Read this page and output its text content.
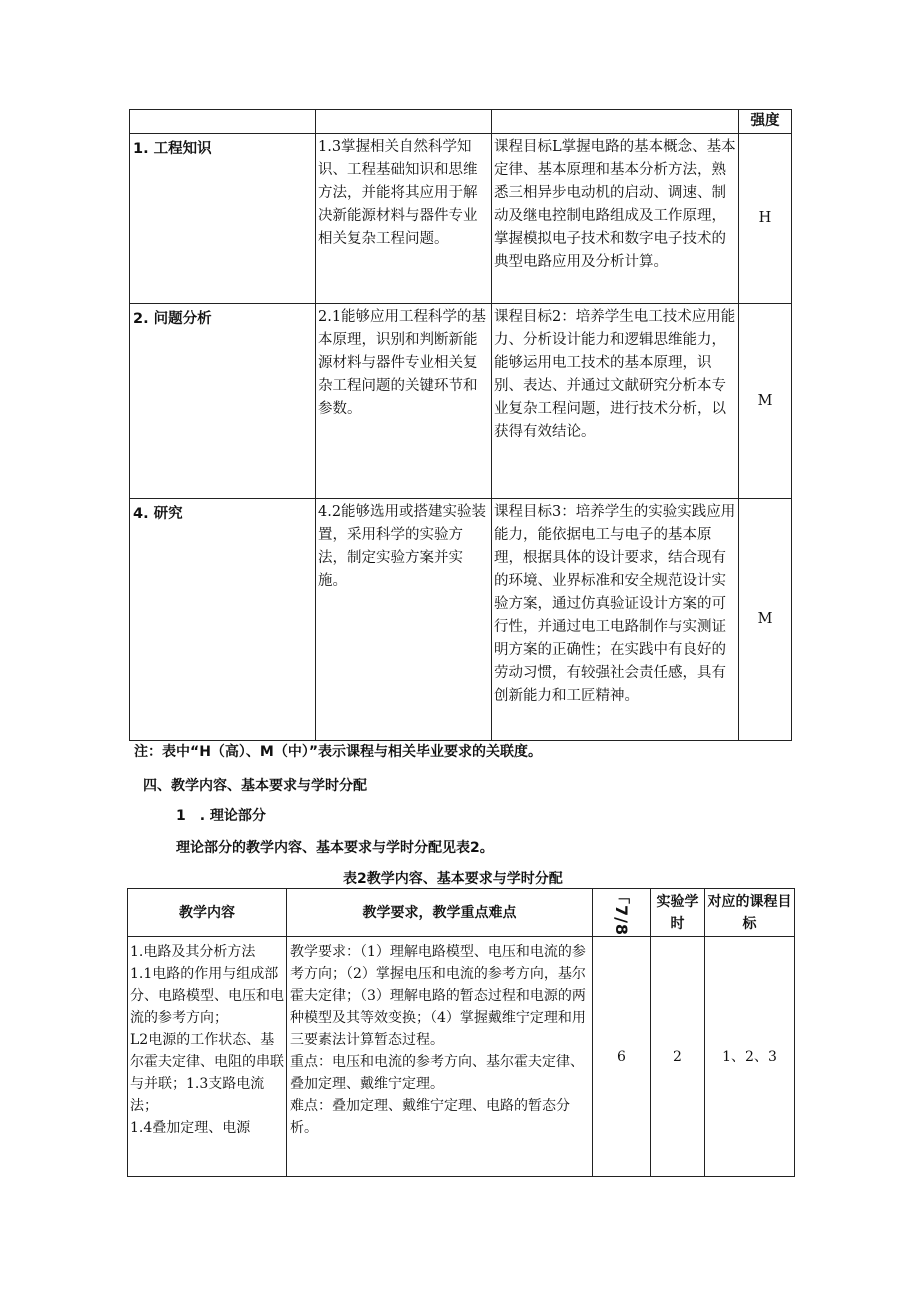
			强度
1. 工程知识	1.3掌握相关自然科学知识、工程基础知识和思维方法，并能将其应用于解决新能源材料与器件专业相关复杂工程问题。	课程目标L掌握电路的基本概念、基本定律、基本原理和基本分析方法，熟悉三相异步电动机的启动、调速、制动及继电控制电路组成及工作原理，掌握模拟电子技术和数字电子技术的典型电路应用及分析计算。	H
2. 问题分析	2.1能够应用工程科学的基本原理，识别和判断新能源材料与器件专业相关复杂工程问题的关键环节和参数。	课程目标2：培养学生电工技术应用能力、分析设计能力和逻辑思维能力，能够运用电工技术的基本原理，识别、表达、并通过文献研究分析本专业复杂工程问题，进行技术分析，以获得有效结论。	M
4. 研究	4.2能够选用或搭建实验装置，采用科学的实验方法，制定实验方案并实施。	课程目标3：培养学生的实验实践应用能力，能依据电工与电子的基本原理，根据具体的设计要求，结合现有的环境、业界标准和安全规范设计实验方案，通过仿真验证设计方案的可行性，并通过电工电路制作与实测证明方案的正确性；在实践中有良好的劳动习惯，有较强社会责任感，具有创新能力和工匠精神。	M
注：表中“H（高）、M（中）”表示课程与相关毕业要求的关联度。
四、教学内容、基本要求与学时分配
1　. 理论部分
理论部分的教学内容、基本要求与学时分配见表2。
表2教学内容、基本要求与学时分配
教学内容	教学要求，教学重点难点	「7/8	实验学时	对应的课程目标
1.电路及其分析方法
1.1电路的作用与组成部分、电路模型、电压和电流的参考方向；
L2电源的工作状态、基尔霍夫定律、电阻的串联与并联；1.3支路电流法；
1.4叠加定理、电源	教学要求：（1）理解电路模型、电压和电流的参考方向；（2）掌握电压和电流的参考方向，基尔霍夫定律；（3）理解电路的暂态过程和电源的两种模型及其等效变换；（4）掌握戴维宁定理和用三要素法计算暂态过程。
重点：电压和电流的参考方向、基尔霍夫定律、叠加定理、戴维宁定理。
难点：叠加定理、戴维宁定理、电路的暂态分析。	6	2	1、2、3
